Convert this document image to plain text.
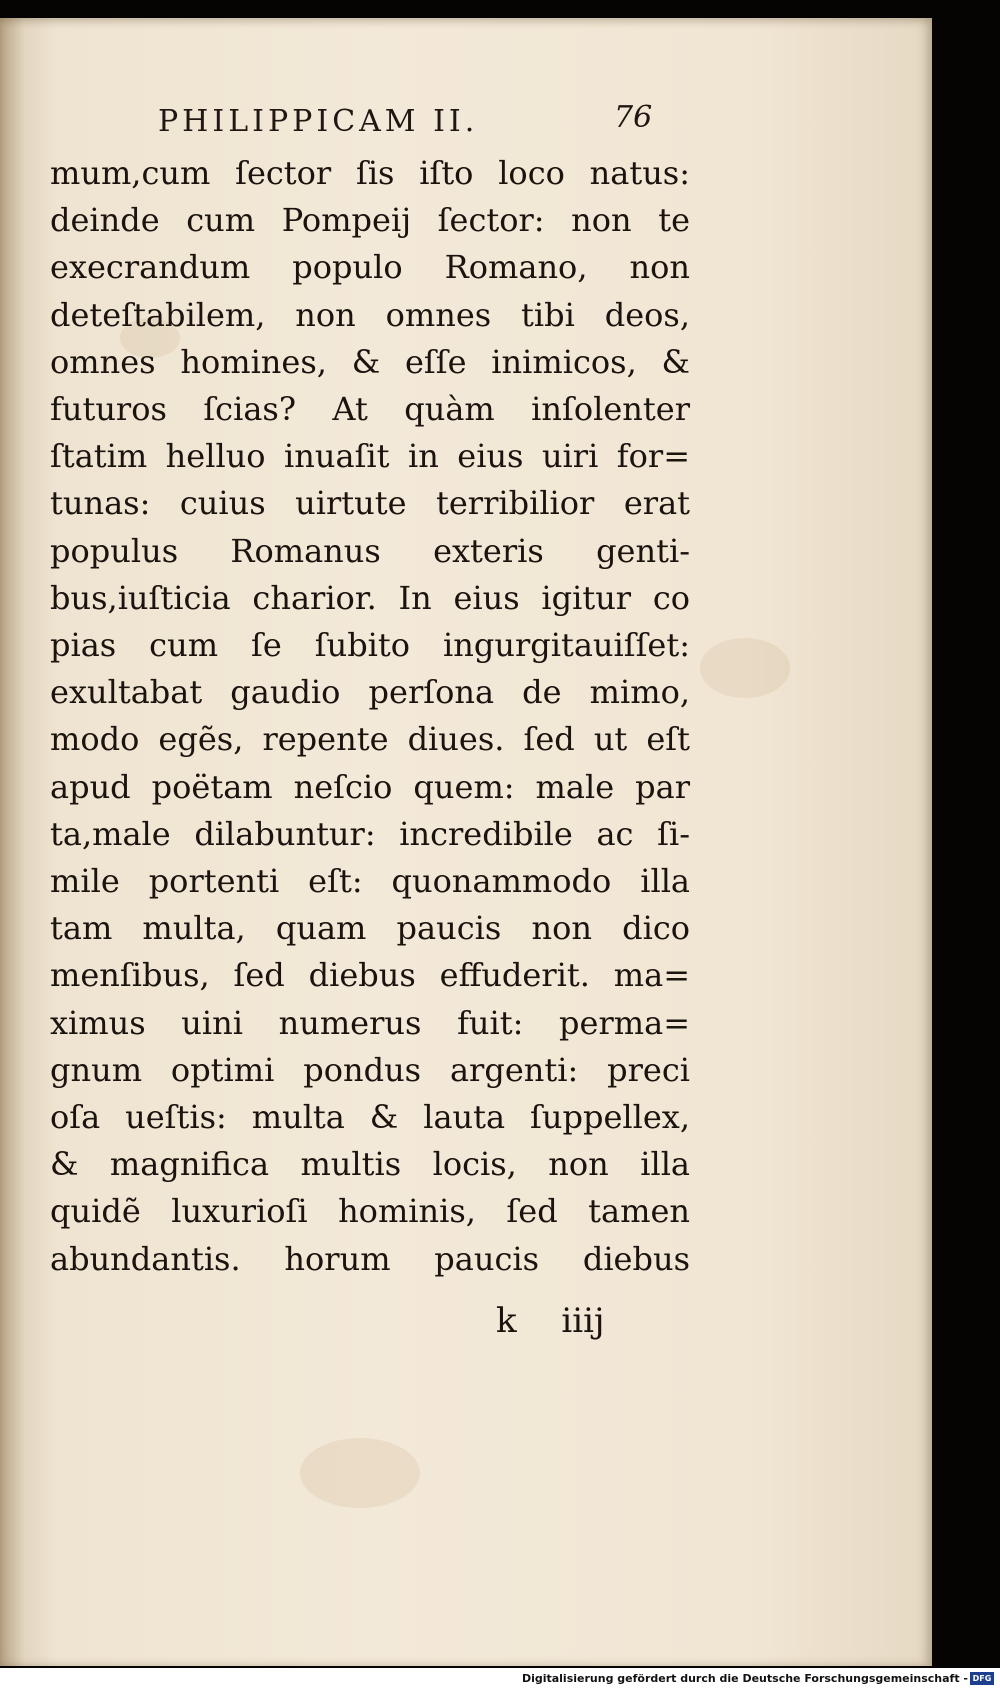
PHILIPPICAM II.	76
mum,cum ſector ſis iſto loco natus:
deinde cum Pompeij ſector: non te
execrandum populo Romano, non
deteſtabilem, non omnes tibi deos,
omnes homines, & eſſe inimicos, &
futuros ſcias? At quàm inſolenter
ſtatim helluo inuaſit in eius uiri for=
tunas: cuius uirtute terribilior erat
populus Romanus exteris genti-
bus,iuſticia charior. In eius igitur co
pias cum ſe ſubito ingurgitauiſſet:
exultabat gaudio perſona de mimo,
modo egẽs, repente diues. ſed ut eſt
apud poëtam neſcio quem: male par
ta,male dilabuntur: incredibile ac ſi-
mile portenti eſt: quonammodo illa
tam multa, quam paucis non dico
menſibus, ſed diebus effuderit. ma=
ximus uini numerus fuit: perma=
gnum optimi pondus argenti: preci
oſa ueſtis: multa & lauta ſuppellex,
& magnifica multis locis, non illa
quidẽ luxurioſi hominis, ſed tamen
abundantis. horum paucis diebus
k iiij
Digitalisierung gefördert durch die Deutsche Forschungsgemeinschaft - DFG
